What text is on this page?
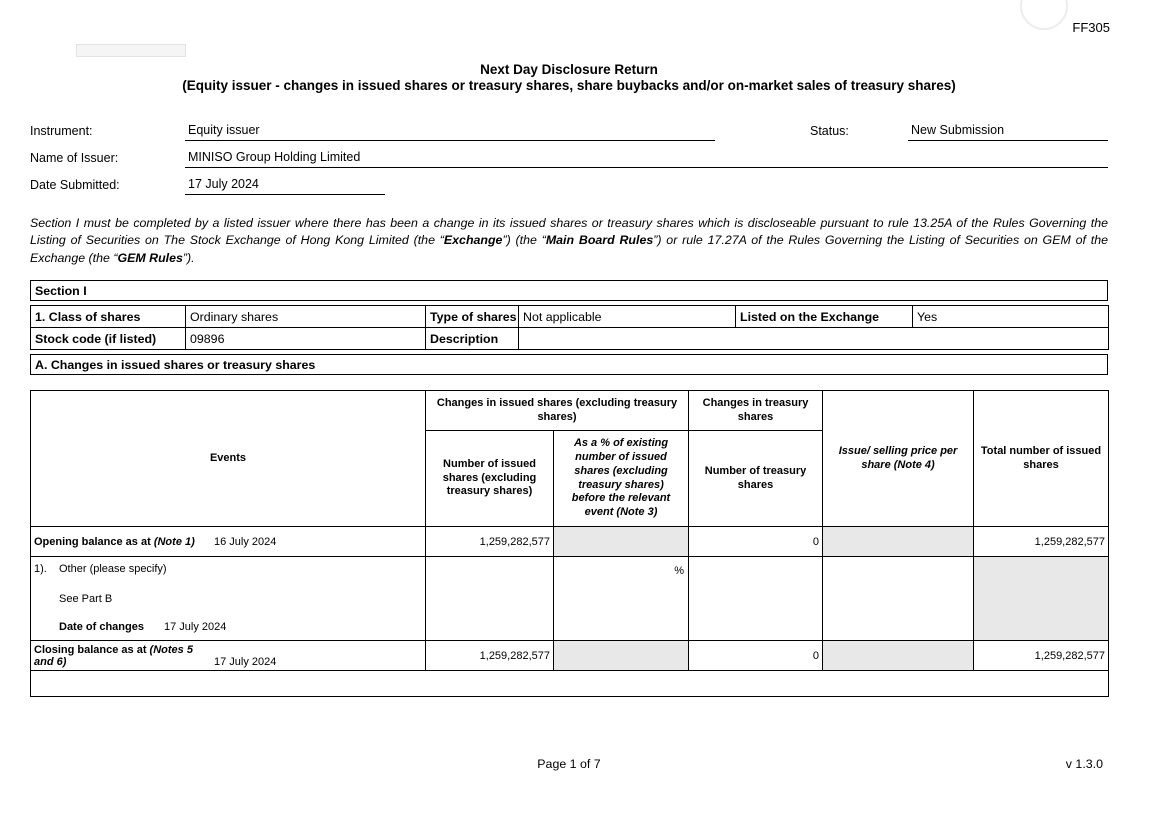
FF305
Next Day Disclosure Return
(Equity issuer - changes in issued shares or treasury shares, share buybacks and/or on-market sales of treasury shares)
Instrument:	Equity issuer	Status:	New Submission
Name of Issuer:	MINISO Group Holding Limited
Date Submitted:	17 July 2024

Section I must be completed by a listed issuer where there has been a change in its issued shares or treasury shares which is discloseable pursuant to rule 13.25A of the Rules Governing the Listing of Securities on The Stock Exchange of Hong Kong Limited (the “Exchange”) (the “Main Board Rules”) or rule 17.27A of the Rules Governing the Listing of Securities on GEM of the Exchange (the “GEM Rules”).

Section I
1. Class of shares	Ordinary shares	Type of shares	Not applicable	Listed on the Exchange	Yes
Stock code (if listed)	09896	Description			
A. Changes in issued shares or treasury shares
Events	Changes in issued shares (excluding treasury shares)		Changes in treasury shares	Issue/ selling price per share (Note 4)	Total number of issued shares
	Number of issued shares (excluding treasury shares)	As a % of existing number of issued shares (excluding treasury shares) before the relevant event (Note 3)	Number of treasury shares		
Opening balance as at (Note 1) 16 July 2024	1,259,282,577		0		1,259,282,577

1). Other (please specify)
See Part B
Date of changes 17 July 2024		%			
Closing balance as at (Notes 5 and 6) 17 July 2024	1,259,282,577		0		1,259,282,577

Page 1 of 7	v 1.3.0
